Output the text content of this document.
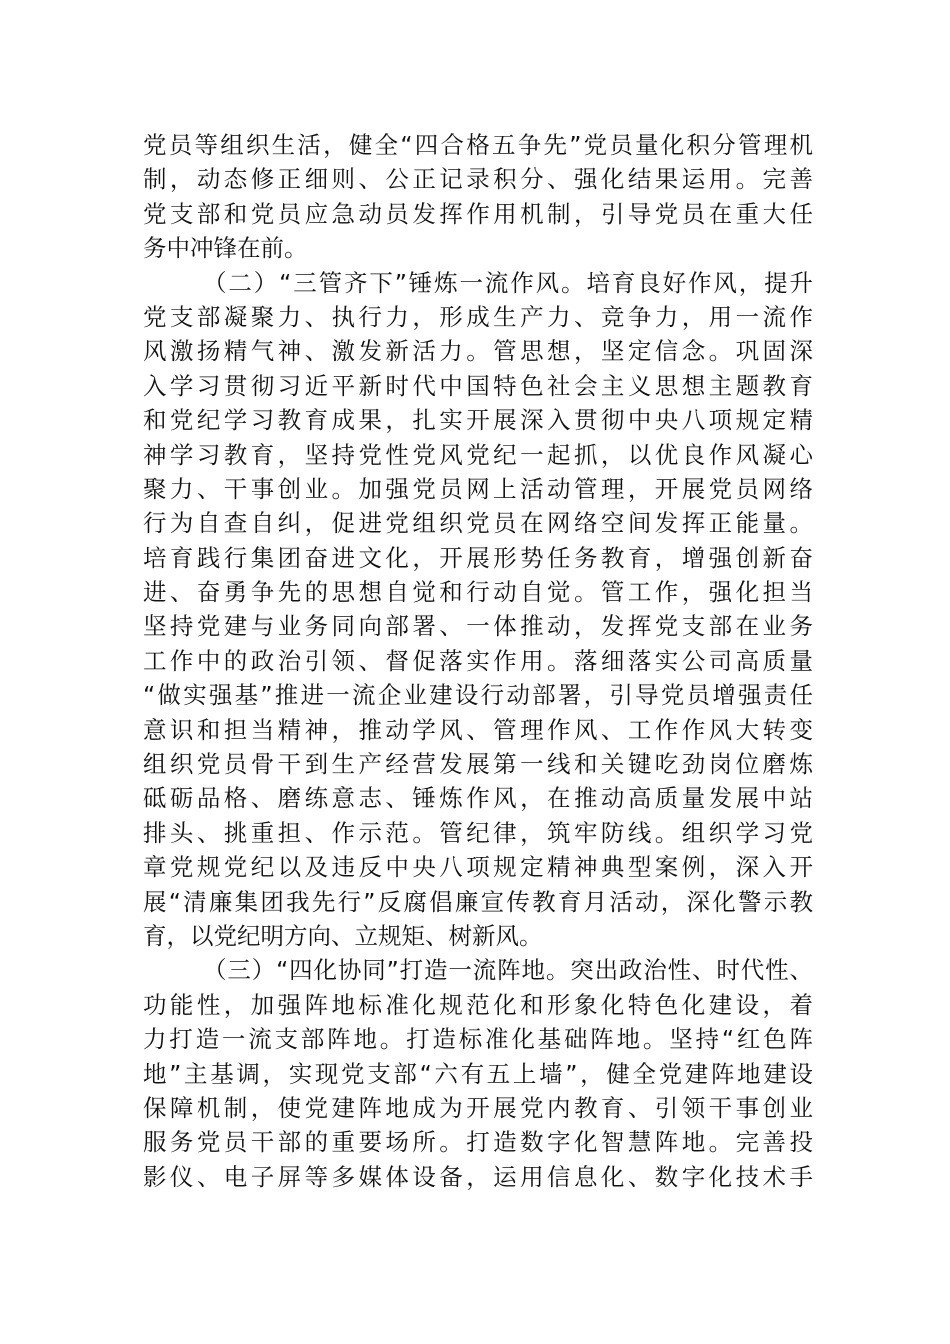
党员等组织生活，健全“四合格五争先”党员量化积分管理机
制，动态修正细则、公正记录积分、强化结果运用。完善
党支部和党员应急动员发挥作用机制，引导党员在重大任
务中冲锋在前。
（二）“三管齐下”锤炼一流作风。培育良好作风，提升
党支部凝聚力、执行力，形成生产力、竞争力，用一流作
风激扬精气神、激发新活力。管思想，坚定信念。巩固深
入学习贯彻习近平新时代中国特色社会主义思想主题教育
和党纪学习教育成果，扎实开展深入贯彻中央八项规定精
神学习教育，坚持党性党风党纪一起抓，以优良作风凝心
聚力、干事创业。加强党员网上活动管理，开展党员网络
行为自查自纠，促进党组织党员在网络空间发挥正能量。
培育践行集团奋进文化，开展形势任务教育，增强创新奋
进、奋勇争先的思想自觉和行动自觉。管工作，强化担当
坚持党建与业务同向部署、一体推动，发挥党支部在业务
工作中的政治引领、督促落实作用。落细落实公司高质量
“做实强基”推进一流企业建设行动部署，引导党员增强责任
意识和担当精神，推动学风、管理作风、工作作风大转变
组织党员骨干到生产经营发展第一线和关键吃劲岗位磨炼
砥砺品格、磨练意志、锤炼作风，在推动高质量发展中站
排头、挑重担、作示范。管纪律，筑牢防线。组织学习党
章党规党纪以及违反中央八项规定精神典型案例，深入开
展“清廉集团我先行”反腐倡廉宣传教育月活动，深化警示教
育，以党纪明方向、立规矩、树新风。
（三）“四化协同”打造一流阵地。突出政治性、时代性、
功能性，加强阵地标准化规范化和形象化特色化建设，着
力打造一流支部阵地。打造标准化基础阵地。坚持“红色阵
地”主基调，实现党支部“六有五上墙”，健全党建阵地建设
保障机制，使党建阵地成为开展党内教育、引领干事创业
服务党员干部的重要场所。打造数字化智慧阵地。完善投
影仪、电子屏等多媒体设备，运用信息化、数字化技术手
